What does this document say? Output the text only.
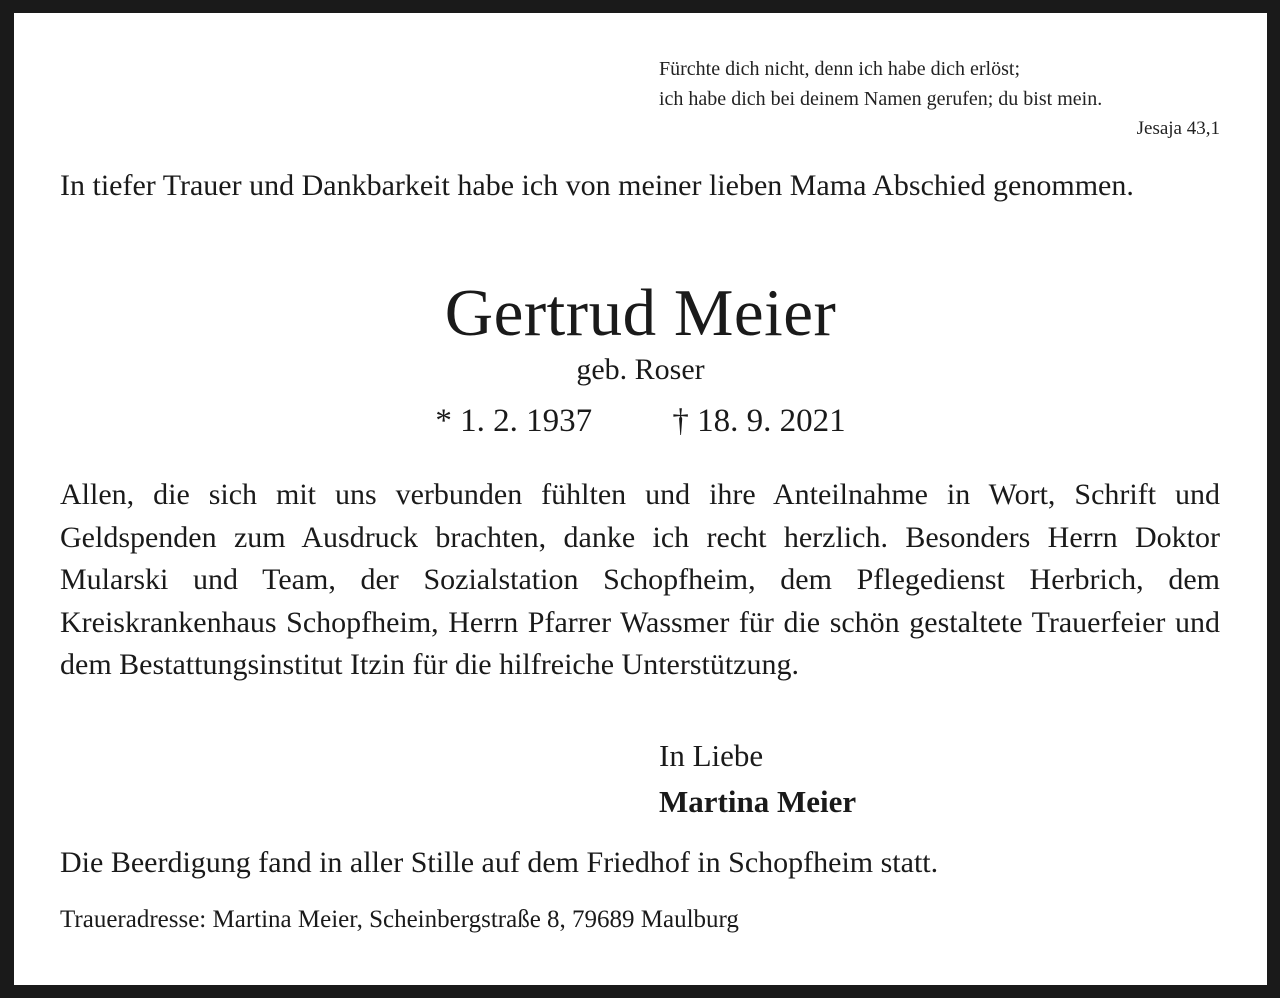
Fürchte dich nicht, denn ich habe dich erlöst;
ich habe dich bei deinem Namen gerufen; du bist mein.
Jesaja 43,1
In tiefer Trauer und Dankbarkeit habe ich von meiner lieben Mama Abschied genommen.
Gertrud Meier
geb. Roser
* 1. 2. 1937 † 18. 9. 2021
Allen, die sich mit uns verbunden fühlten und ihre Anteilnahme in Wort, Schrift und Geldspenden zum Ausdruck brachten, danke ich recht herzlich. Besonders Herrn Doktor Mularski und Team, der Sozialstation Schopfheim, dem Pflegedienst Herbrich, dem Kreiskrankenhaus Schopfheim, Herrn Pfarrer Wassmer für die schön gestaltete Trauerfeier und dem Bestattungsinstitut Itzin für die hilfreiche Unterstützung.
In Liebe
Martina Meier
Die Beerdigung fand in aller Stille auf dem Friedhof in Schopfheim statt.
Traueradresse: Martina Meier, Scheinbergstraße 8, 79689 Maulburg
